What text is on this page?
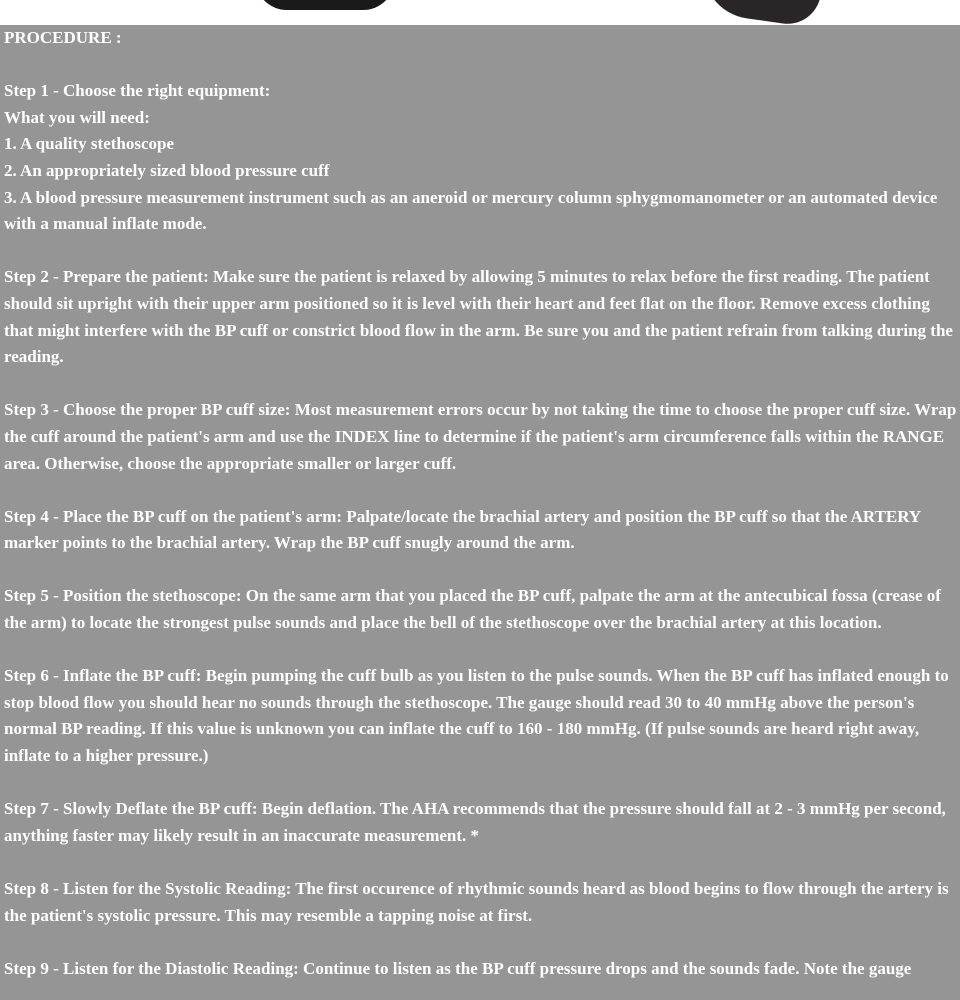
PROCEDURE :

Step 1 - Choose the right equipment:
What you will need:
1. A quality stethoscope
2. An appropriately sized blood pressure cuff
3. A blood pressure measurement instrument such as an aneroid or mercury column sphygmomanometer or an automated device with a manual inflate mode.

Step 2 - Prepare the patient: Make sure the patient is relaxed by allowing 5 minutes to relax before the first reading. The patient should sit upright with their upper arm positioned so it is level with their heart and feet flat on the floor. Remove excess clothing that might interfere with the BP cuff or constrict blood flow in the arm. Be sure you and the patient refrain from talking during the reading.

Step 3 - Choose the proper BP cuff size: Most measurement errors occur by not taking the time to choose the proper cuff size. Wrap the cuff around the patient's arm and use the INDEX line to determine if the patient's arm circumference falls within the RANGE area. Otherwise, choose the appropriate smaller or larger cuff.

Step 4 - Place the BP cuff on the patient's arm: Palpate/locate the brachial artery and position the BP cuff so that the ARTERY marker points to the brachial artery. Wrap the BP cuff snugly around the arm.

Step 5 - Position the stethoscope: On the same arm that you placed the BP cuff, palpate the arm at the antecubical fossa (crease of the arm) to locate the strongest pulse sounds and place the bell of the stethoscope over the brachial artery at this location.

Step 6 - Inflate the BP cuff: Begin pumping the cuff bulb as you listen to the pulse sounds. When the BP cuff has inflated enough to stop blood flow you should hear no sounds through the stethoscope. The gauge should read 30 to 40 mmHg above the person's normal BP reading. If this value is unknown you can inflate the cuff to 160 - 180 mmHg. (If pulse sounds are heard right away, inflate to a higher pressure.)

Step 7 - Slowly Deflate the BP cuff: Begin deflation. The AHA recommends that the pressure should fall at 2 - 3 mmHg per second, anything faster may likely result in an inaccurate measurement. *

Step 8 - Listen for the Systolic Reading: The first occurence of rhythmic sounds heard as blood begins to flow through the artery is the patient's systolic pressure. This may resemble a tapping noise at first.

Step 9 - Listen for the Diastolic Reading: Continue to listen as the BP cuff pressure drops and the sounds fade. Note the gauge
